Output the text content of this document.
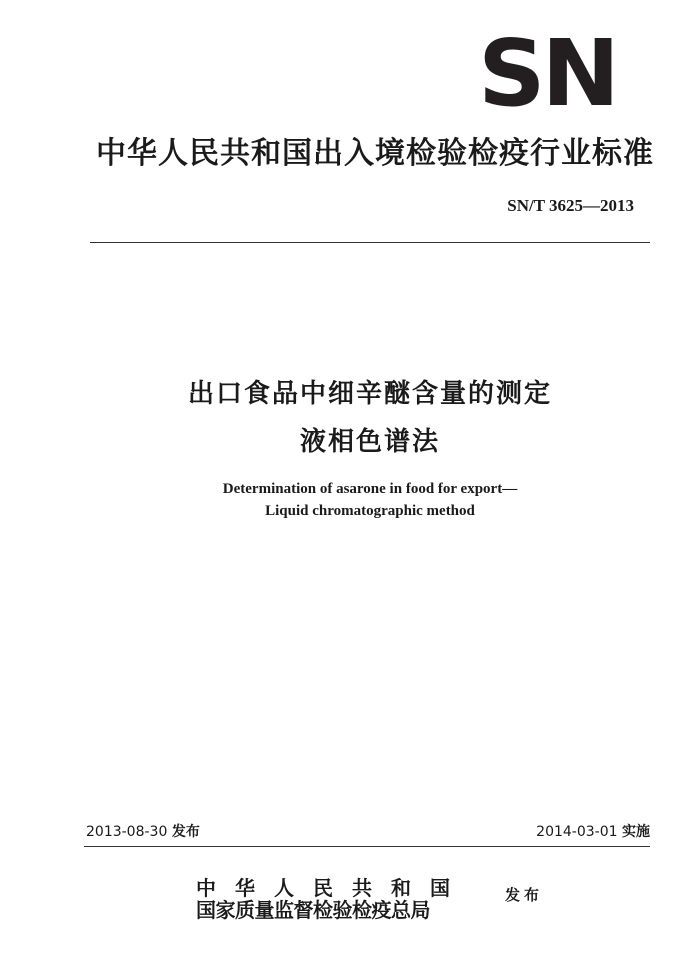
SN
中华人民共和国出入境检验检疫行业标准
SN/T 3625—2013
出口食品中细辛醚含量的测定
液相色谱法
Determination of asarone in food for export—
Liquid chromatographic method
2013-08-30 发布	2014-03-01 实施
中华人民共和国
国家质量监督检验检疫总局
发布
